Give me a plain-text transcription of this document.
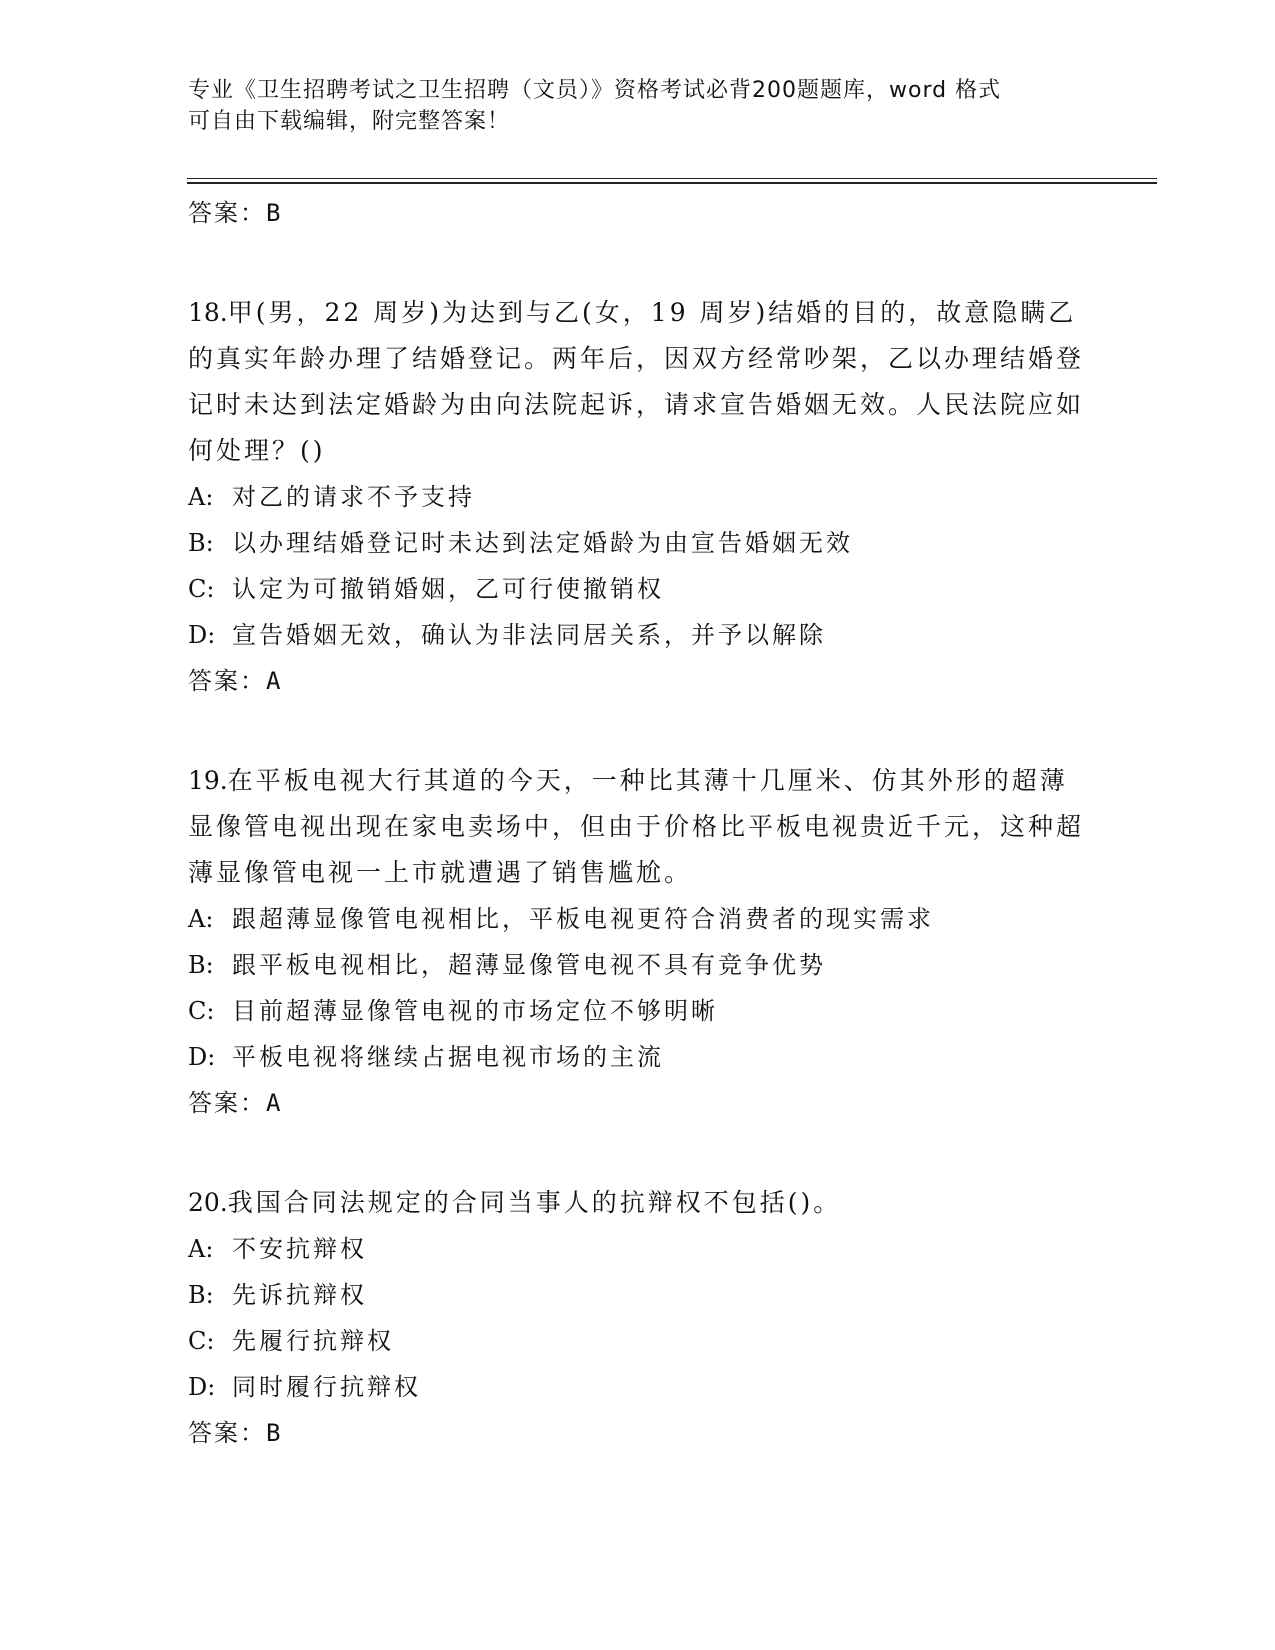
专业《卫生招聘考试之卫生招聘（文员）》资格考试必背200题题库，word 格式
可自由下载编辑，附完整答案！
答案：B
18.甲(男，22 周岁)为达到与乙(女，19 周岁)结婚的目的，故意隐瞒乙的真实年龄办理了结婚登记。两年后，因双方经常吵架，乙以办理结婚登记时未达到法定婚龄为由向法院起诉，请求宣告婚姻无效。人民法院应如何处理？()
A: 对乙的请求不予支持
B: 以办理结婚登记时未达到法定婚龄为由宣告婚姻无效
C: 认定为可撤销婚姻，乙可行使撤销权
D: 宣告婚姻无效，确认为非法同居关系，并予以解除
答案：A
19.在平板电视大行其道的今天，一种比其薄十几厘米、仿其外形的超薄显像管电视出现在家电卖场中，但由于价格比平板电视贵近千元，这种超薄显像管电视一上市就遭遇了销售尴尬。
A: 跟超薄显像管电视相比，平板电视更符合消费者的现实需求
B: 跟平板电视相比，超薄显像管电视不具有竞争优势
C: 目前超薄显像管电视的市场定位不够明晰
D: 平板电视将继续占据电视市场的主流
答案：A
20.我国合同法规定的合同当事人的抗辩权不包括()。
A: 不安抗辩权
B: 先诉抗辩权
C: 先履行抗辩权
D: 同时履行抗辩权
答案：B
